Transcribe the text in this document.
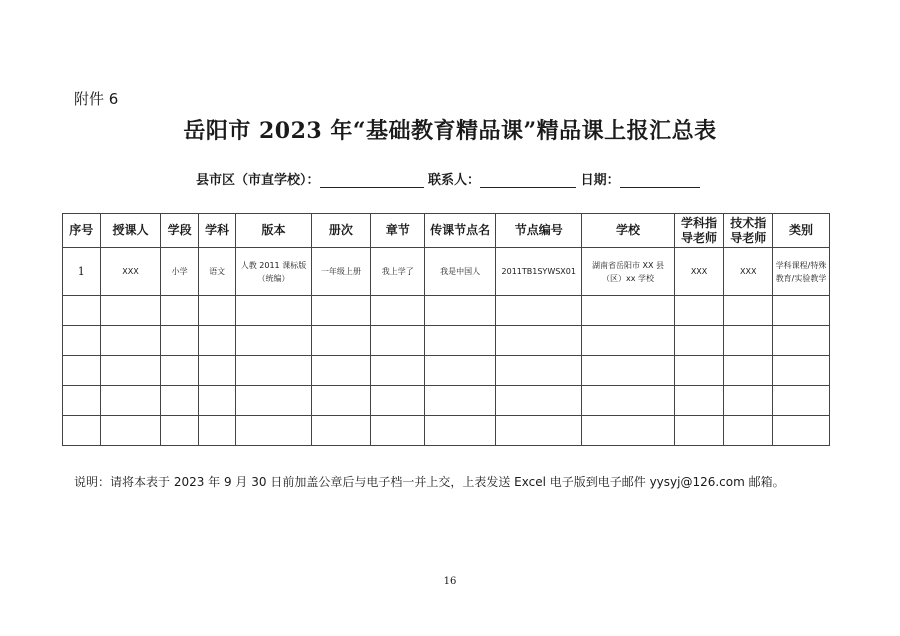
附件 6
岳阳市 2023 年“基础教育精品课”精品课上报汇总表
县市区（市直学校）：	联系人：	日期：
序号	授课人	学段	学科	版本	册次	章节	传课节点名	节点编号	学校	学科指导老师	技术指导老师	类别
1	XXX	小学	语文	人教 2011 课标版（统编）	一年级上册	我上学了	我是中国人	2011TB1SYWSX01	湖南省岳阳市 XX 县（区）xx 学校	XXX	XXX	学科课程/特殊教育/实验教学

说明：请将本表于 2023 年 9 月 30 日前加盖公章后与电子档一并上交，上表发送 Excel 电子版到电子邮件 yysyj@126.com 邮箱。
16
